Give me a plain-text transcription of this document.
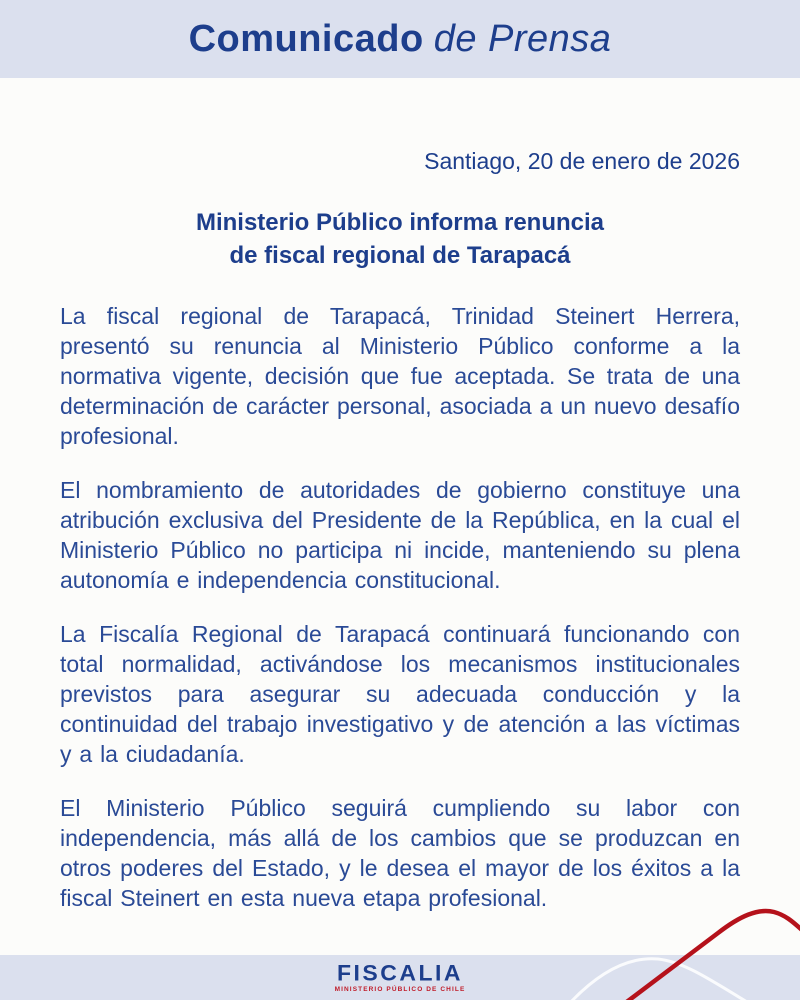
Comunicado de Prensa
Santiago, 20 de enero de 2026
Ministerio Público informa renuncia
de fiscal regional de Tarapacá

La fiscal regional de Tarapacá, Trinidad Steinert Herrera, presentó su renuncia al Ministerio Público conforme a la normativa vigente, decisión que fue aceptada. Se trata de una determinación de carácter personal, asociada a un nuevo desafío profesional.

El nombramiento de autoridades de gobierno constituye una atribución exclusiva del Presidente de la República, en la cual el Ministerio Público no participa ni incide, manteniendo su plena autonomía e independencia constitucional.

La Fiscalía Regional de Tarapacá continuará funcionando con total normalidad, activándose los mecanismos institucionales previstos para asegurar su adecuada conducción y la continuidad del trabajo investigativo y de atención a las víctimas y a la ciudadanía.

El Ministerio Público seguirá cumpliendo su labor con independencia, más allá de los cambios que se produzcan en otros poderes del Estado, y le desea el mayor de los éxitos a la fiscal Steinert en esta nueva etapa profesional.

FISCALIA
MINISTERIO PÚBLICO DE CHILE
